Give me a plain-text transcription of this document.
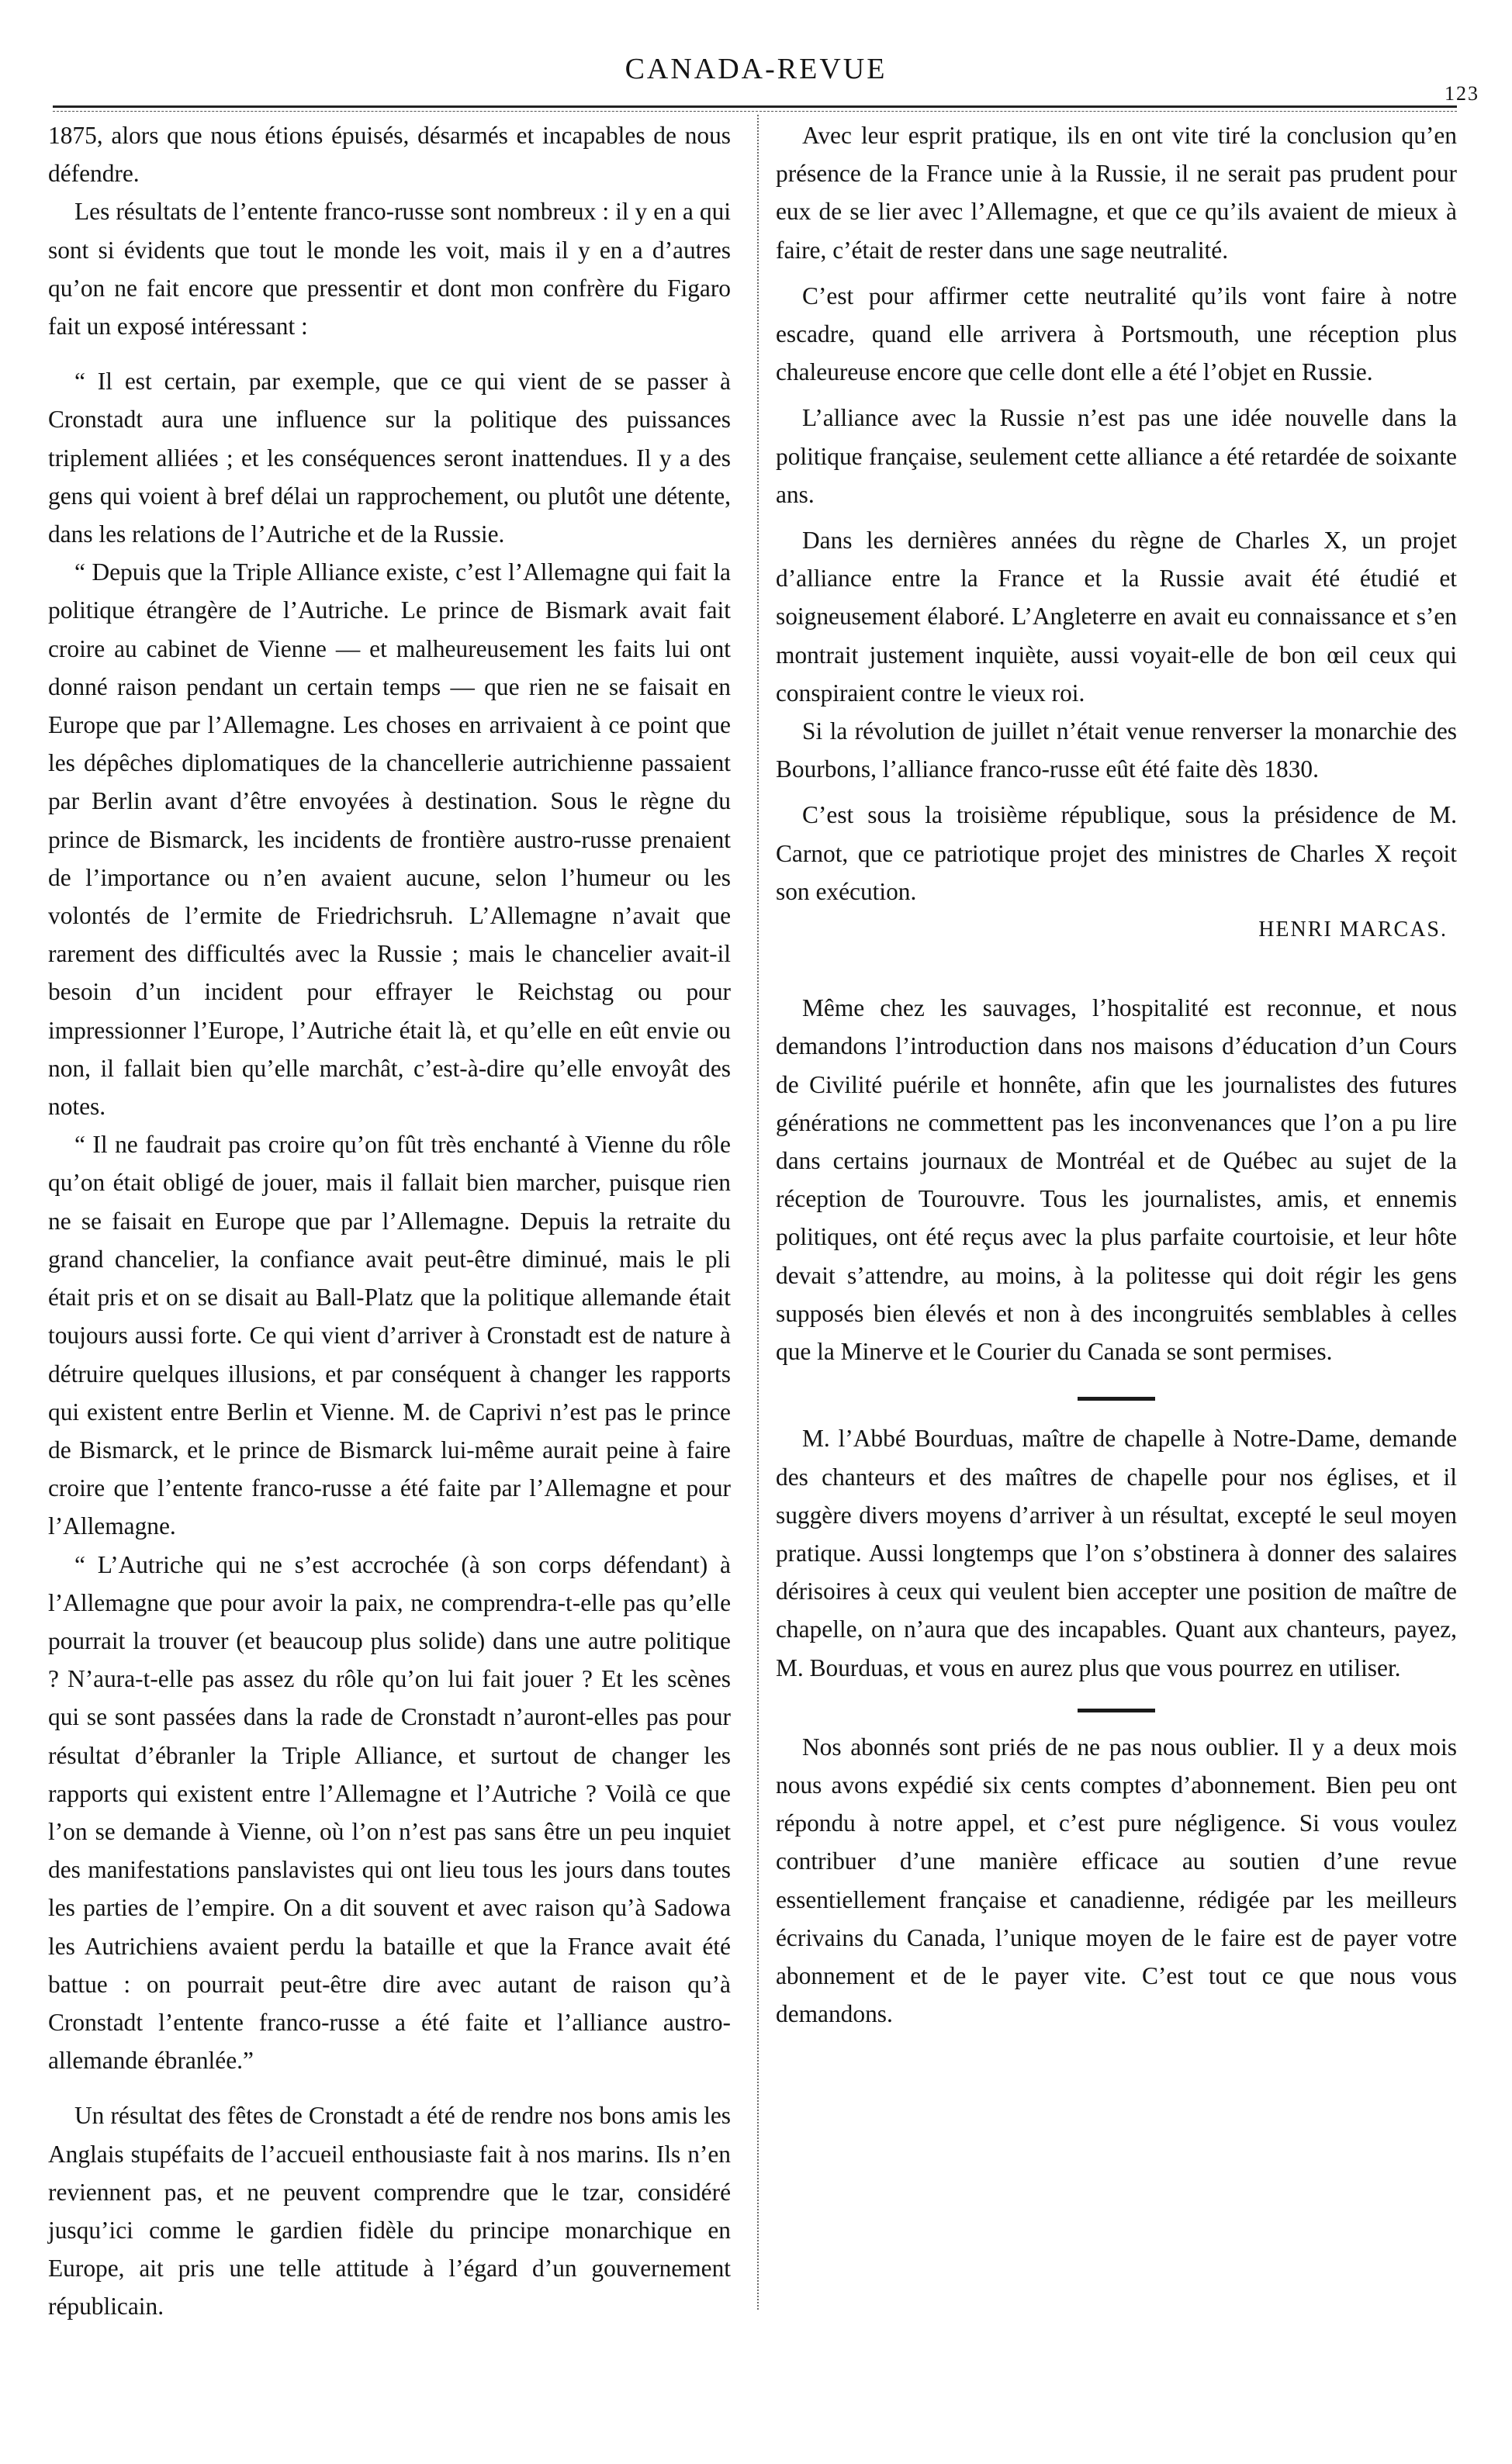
CANADA-REVUE
123

1875, alors que nous étions épuisés, désarmés et incapables de nous défendre.

Les résultats de l’entente franco-russe sont nombreux : il y en a qui sont si évidents que tout le monde les voit, mais il y en a d’autres qu’on ne fait encore que pressentir et dont mon confrère du Figaro fait un exposé intéressant :

“ Il est certain, par exemple, que ce qui vient de se passer à Cronstadt aura une influence sur la politique des puissances triplement alliées ; et les conséquences seront inattendues. Il y a des gens qui voient à bref délai un rapprochement, ou plutôt une détente, dans les relations de l’Autriche et de la Russie.

“ Depuis que la Triple Alliance existe, c’est l’Allemagne qui fait la politique étrangère de l’Autriche. Le prince de Bismark avait fait croire au cabinet de Vienne — et malheureusement les faits lui ont donné raison pendant un certain temps — que rien ne se faisait en Europe que par l’Allemagne. Les choses en arrivaient à ce point que les dépêches diplomatiques de la chancellerie autrichienne passaient par Berlin avant d’être envoyées à destination. Sous le règne du prince de Bismarck, les incidents de frontière austro-russe prenaient de l’importance ou n’en avaient aucune, selon l’humeur ou les volontés de l’ermite de Friedrichsruh. L’Allemagne n’avait que rarement des difficultés avec la Russie ; mais le chancelier avait-il besoin d’un incident pour effrayer le Reichstag ou pour impressionner l’Europe, l’Autriche était là, et qu’elle en eût envie ou non, il fallait bien qu’elle marchât, c’est-à-dire qu’elle envoyât des notes.

“ Il ne faudrait pas croire qu’on fût très enchanté à Vienne du rôle qu’on était obligé de jouer, mais il fallait bien marcher, puisque rien ne se faisait en Europe que par l’Allemagne. Depuis la retraite du grand chancelier, la confiance avait peut-être diminué, mais le pli était pris et on se disait au Ball-Platz que la politique allemande était toujours aussi forte. Ce qui vient d’arriver à Cronstadt est de nature à détruire quelques illusions, et par conséquent à changer les rapports qui existent entre Berlin et Vienne. M. de Caprivi n’est pas le prince de Bismarck, et le prince de Bismarck lui-même aurait peine à faire croire que l’entente franco-russe a été faite par l’Allemagne et pour l’Allemagne.

“ L’Autriche qui ne s’est accrochée (à son corps défendant) à l’Allemagne que pour avoir la paix, ne comprendra-t-elle pas qu’elle pourrait la trouver (et beaucoup plus solide) dans une autre politique ? N’aura-t-elle pas assez du rôle qu’on lui fait jouer ? Et les scènes qui se sont passées dans la rade de Cronstadt n’auront-elles pas pour résultat d’ébranler la Triple Alliance, et surtout de changer les rapports qui existent entre l’Allemagne et l’Autriche ? Voilà ce que l’on se demande à Vienne, où l’on n’est pas sans être un peu inquiet des manifestations panslavistes qui ont lieu tous les jours dans toutes les parties de l’empire. On a dit souvent et avec raison qu’à Sadowa les Autrichiens avaient perdu la bataille et que la France avait été battue : on pourrait peut-être dire avec autant de raison qu’à Cronstadt l’entente franco-russe a été faite et l’alliance austro-allemande ébranlée.”

Un résultat des fêtes de Cronstadt a été de rendre nos bons amis les Anglais stupéfaits de l’accueil enthousiaste fait à nos marins. Ils n’en reviennent pas, et ne peuvent comprendre que le tzar, considéré jusqu’ici comme le gardien fidèle du principe monarchique en Europe, ait pris une telle attitude à l’égard d’un gouvernement républicain.

Avec leur esprit pratique, ils en ont vite tiré la conclusion qu’en présence de la France unie à la Russie, il ne serait pas prudent pour eux de se lier avec l’Allemagne, et que ce qu’ils avaient de mieux à faire, c’était de rester dans une sage neutralité.

C’est pour affirmer cette neutralité qu’ils vont faire à notre escadre, quand elle arrivera à Portsmouth, une réception plus chaleureuse encore que celle dont elle a été l’objet en Russie.

L’alliance avec la Russie n’est pas une idée nouvelle dans la politique française, seulement cette alliance a été retardée de soixante ans.

Dans les dernières années du règne de Charles X, un projet d’alliance entre la France et la Russie avait été étudié et soigneusement élaboré. L’Angleterre en avait eu connaissance et s’en montrait justement inquiète, aussi voyait-elle de bon œil ceux qui conspiraient contre le vieux roi.

Si la révolution de juillet n’était venue renverser la monarchie des Bourbons, l’alliance franco-russe eût été faite dès 1830.

C’est sous la troisième république, sous la présidence de M. Carnot, que ce patriotique projet des ministres de Charles X reçoit son exécution.

HENRI MARCAS.

Même chez les sauvages, l’hospitalité est reconnue, et nous demandons l’introduction dans nos maisons d’éducation d’un Cours de Civilité puérile et honnête, afin que les journalistes des futures générations ne commettent pas les inconvenances que l’on a pu lire dans certains journaux de Montréal et de Québec au sujet de la réception de Tourouvre. Tous les journalistes, amis, et ennemis politiques, ont été reçus avec la plus parfaite courtoisie, et leur hôte devait s’attendre, au moins, à la politesse qui doit régir les gens supposés bien élevés et non à des incongruités semblables à celles que la Minerve et le Courier du Canada se sont permises.

M. l’Abbé Bourduas, maître de chapelle à Notre-Dame, demande des chanteurs et des maîtres de chapelle pour nos églises, et il suggère divers moyens d’arriver à un résultat, excepté le seul moyen pratique. Aussi longtemps que l’on s’obstinera à donner des salaires dérisoires à ceux qui veulent bien accepter une position de maître de chapelle, on n’aura que des incapables. Quant aux chanteurs, payez, M. Bourduas, et vous en aurez plus que vous pourrez en utiliser.

Nos abonnés sont priés de ne pas nous oublier. Il y a deux mois nous avons expédié six cents comptes d’abonnement. Bien peu ont répondu à notre appel, et c’est pure négligence. Si vous voulez contribuer d’une manière efficace au soutien d’une revue essentiellement française et canadienne, rédigée par les meilleurs écrivains du Canada, l’unique moyen de le faire est de payer votre abonnement et de le payer vite. C’est tout ce que nous vous demandons.
